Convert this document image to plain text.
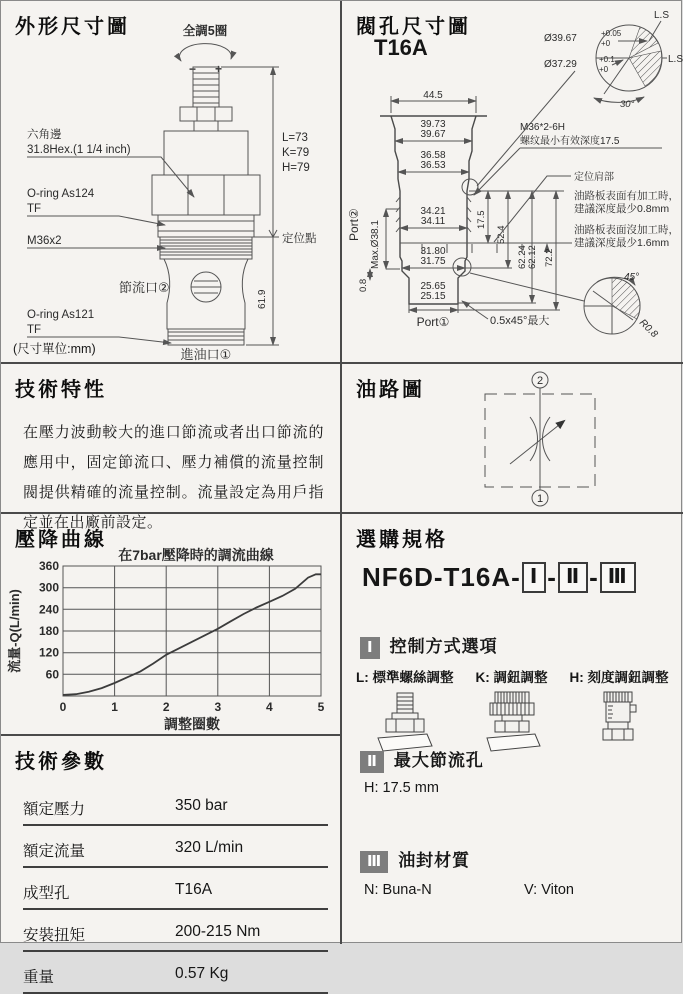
外形尺寸圖	全調5圈
− +
L=73
K=79
H=79
定位點
61.9
六角邊
31.8Hex.(1 1/4 inch)
O-ring As124
TF
M36x2
節流口②
O-ring As121
TF
進油口①
(尺寸單位:mm)
閥孔尺寸圖
T16A
30°
L.S
L.S
Ø39.67	+0.05
+0
Ø37.29	+0.1
+0
44.5
39.73
39.67
36.58
36.53
34.21
34.11
31.80
31.75
25.65
25.15
Port①
Port② Max.Ø38.1
0.8
17.5
52.4
62.2462.12 72.2
M36*2-6H
螺纹最小有效深度17.5
定位肩部
油路板表面有加工時，
建議深度最少0.8mm
油路板表面沒加工時，
建議深度最少1.6mm
0.5x45°最大
45°
R0.8
技術特性
在壓力波動較大的進口節流或者出口節流的應用中，固定節流口、壓力補償的流量控制閥提供精確的流量控制。流量設定為用戶指定並在出廠前設定。
油路圖	2
1
壓降曲線
在7bar壓降時的調流曲線
360
300
240
180
120
60
0	1	2	3	4	5
流量-Q(L/min)
調整圈數
選購規格
NF6D-T16A - Ⅰ - Ⅱ - Ⅲ
Ⅰ 控制方式選項
L: 標準螺絲調整 K: 調鈕調整 H: 刻度調鈕調整
Ⅱ 最大節流孔
H: 17.5 mm
Ⅲ 油封材質
N: Buna-N	V: Viton
技術參數
額定壓力	350 bar
額定流量	320 L/min
成型孔	T16A
安裝扭矩	200-215 Nm
重量	0.57 Kg
